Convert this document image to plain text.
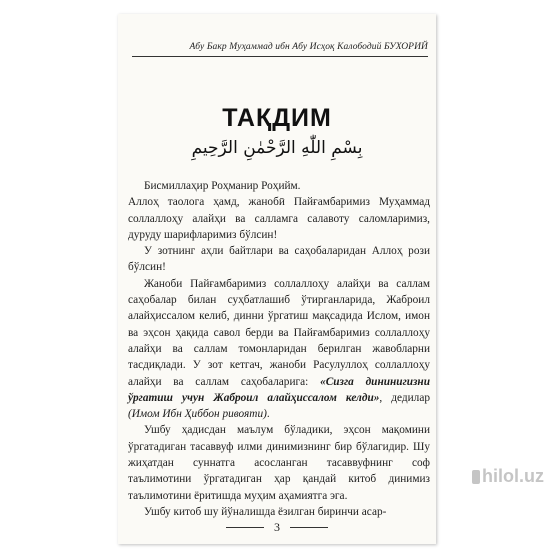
Абу Бакр Муҳаммад ибн Абу Исҳоқ Калободий БУХОРИЙ
ТАҚДИМ
بِسْمِ اللّٰهِ الرَّحْمٰنِ الرَّحِيمِ

Бисмиллаҳир Роҳманир Роҳийм.
Аллоҳ таолога ҳамд, жанобӣ Пайғамбаримиз Муҳаммад соллаллоҳу алайҳи ва салламга салавоту саломларимиз, дуруду шарифларимиз бўлсин!

У зотнинг аҳли байтлари ва саҳобаларидан Аллоҳ рози бўлсин!

Жаноби Пайғамбаримиз соллаллоҳу алайҳи ва саллам саҳобалар билан суҳбатлашиб ўтирганларида, Жаброил алайҳиссалом келиб, динни ўргатиш мақсадида Ислом, имон ва эҳсон ҳақида савол берди ва Пайғамбаримиз соллаллоҳу алайҳи ва саллам томонларидан берилган жавобларни тасдиқлади. У зот кетгач, жаноби Расулуллоҳ соллаллоҳу алайҳи ва саллам саҳобаларига: «Сизга дининигизни ўргатиш учун Жаброил алайҳиссалом келди», дедилар (Имом Ибн Ҳиббон ривояти).

Ушбу ҳадисдан маълум бўладики, эҳсон мақомини ўргатадиган тасаввуф илми динимизнинг бир бўлагидир. Шу жиҳатдан суннатга асосланган тасаввуфнинг соф таълимотини ўргатадиган ҳар қандай китоб динимиз таълимотини ёритишда муҳим аҳамиятга эга.

Ушбу китоб шу йўналишда ёзилган биринчи асар-

3
hilol.uz
